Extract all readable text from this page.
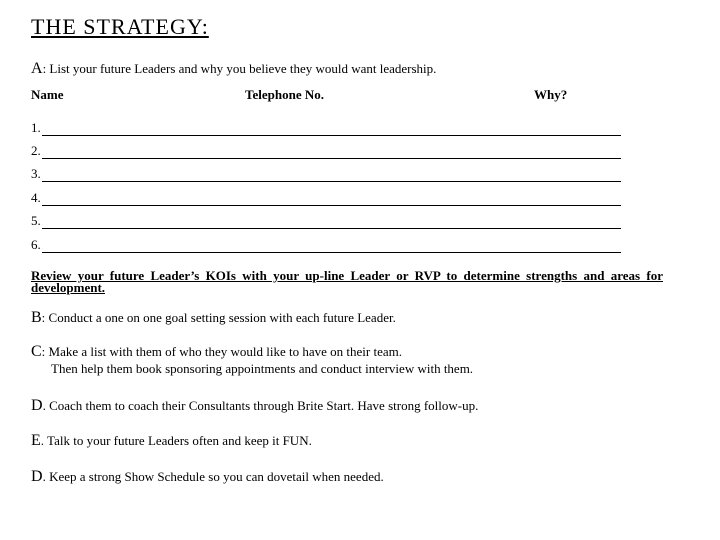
THE STRATEGY:
A: List your future Leaders and why you believe they would want leadership.
Name	Telephone No.	Why?
1.
2.
3.
4.
5.
6.
Review your future Leader’s KOIs with your up-line Leader or RVP to determine strengths and areas for development.
B: Conduct a one on one goal setting session with each future Leader.
C: Make a list with them of who they would like to have on their team.
Then help them book sponsoring appointments and conduct interview with them.
D. Coach them to coach their Consultants through Brite Start. Have strong follow-up.
E. Talk to your future Leaders often and keep it FUN.
D. Keep a strong Show Schedule so you can dovetail when needed.
